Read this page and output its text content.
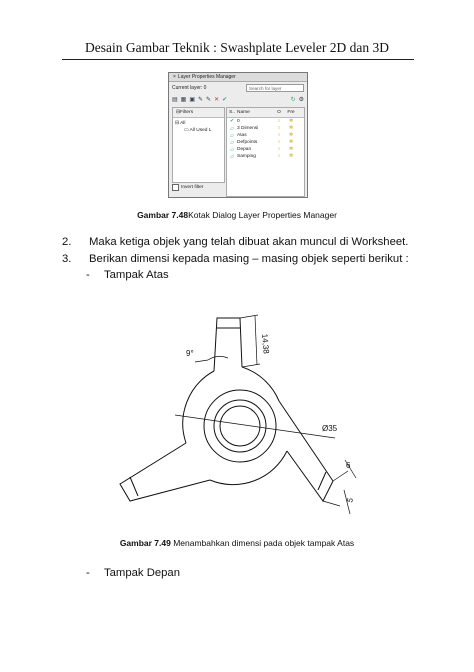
Desain Gambar Teknik : Swashplate Leveler 2D dan 3D
× Layer Properties Manager
Current layer: 0	Search for layer
▤ ▦ ▣ ✎ ✎ ✕ ✔	↻ ⚙
⊟ Filters
⊟ All
▭ All Used L
Invert filter
S.. Name	O	Fre
✔ 0	♀	✲
▱ 3 Dimensi	♀	✲
▱ Atas	♀	✲
▱ Defpoints	♀	✲
▱ Depan	♀	✲
▱ Samping	♀	✲
Gambar 7.48Kotak Dialog Layer Properties Manager
2. Maka ketiga objek yang telah dibuat akan muncul di Worksheet.
3. Berikan dimensi kepada masing – masing objek seperti berikut :
- Tampak Atas
14,38
9°
Ø35
6
5
Gambar 7.49 Menambahkan dimensi pada objek tampak Atas
- Tampak Depan
